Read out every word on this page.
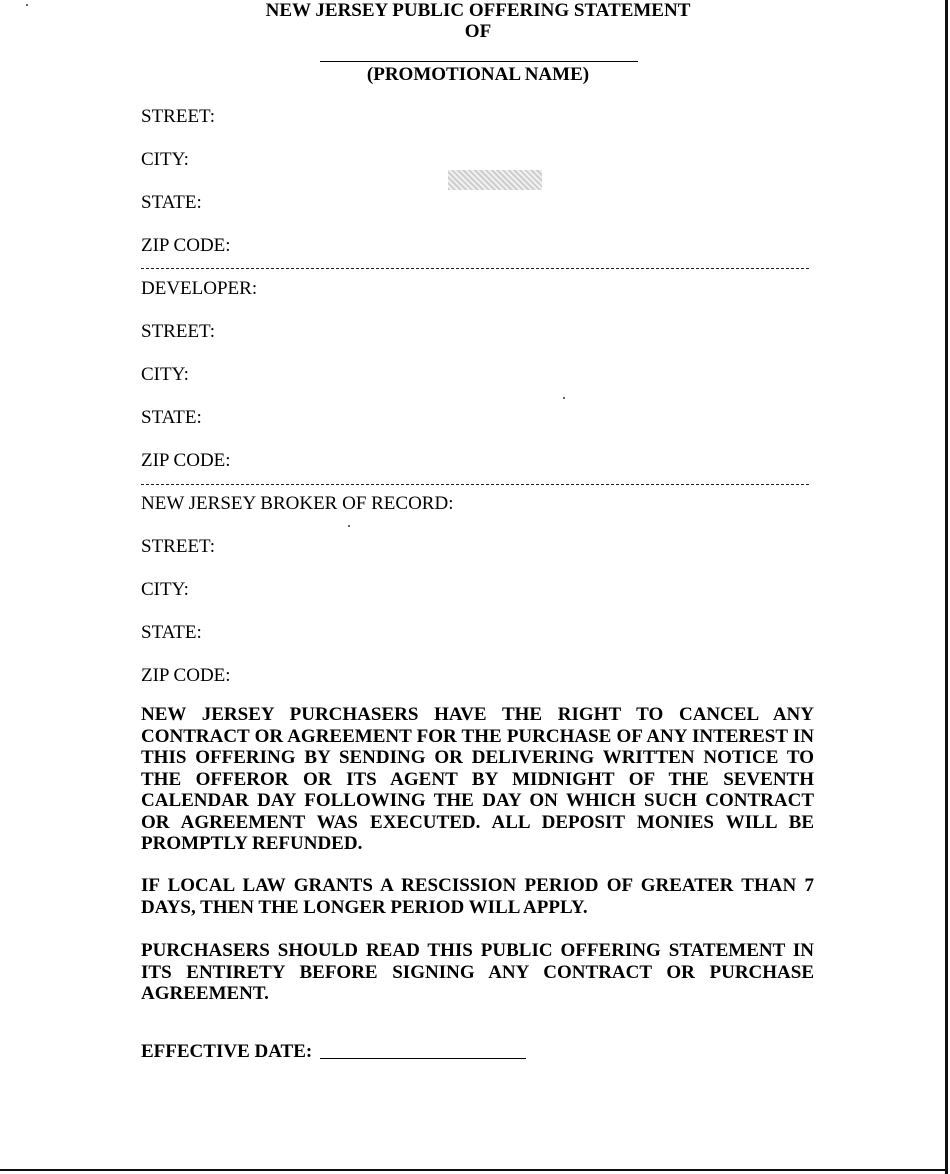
NEW JERSEY PUBLIC OFFERING STATEMENT
OF
(PROMOTIONAL NAME)
STREET:
CITY:
STATE:
ZIP CODE:
DEVELOPER:
STREET:
CITY:
STATE:
ZIP CODE:
NEW JERSEY BROKER OF RECORD:
STREET:
CITY:
STATE:
ZIP CODE:
NEW JERSEY PURCHASERS HAVE THE RIGHT TO CANCEL ANY CONTRACT OR AGREEMENT FOR THE PURCHASE OF ANY INTEREST IN THIS OFFERING BY SENDING OR DELIVERING WRITTEN NOTICE TO THE OFFEROR OR ITS AGENT BY MIDNIGHT OF THE SEVENTH CALENDAR DAY FOLLOWING THE DAY ON WHICH SUCH CONTRACT OR AGREEMENT WAS EXECUTED. ALL DEPOSIT MONIES WILL BE PROMPTLY REFUNDED.
IF LOCAL LAW GRANTS A RESCISSION PERIOD OF GREATER THAN 7 DAYS, THEN THE LONGER PERIOD WILL APPLY.
PURCHASERS SHOULD READ THIS PUBLIC OFFERING STATEMENT IN ITS ENTIRETY BEFORE SIGNING ANY CONTRACT OR PURCHASE AGREEMENT.
EFFECTIVE DATE:
